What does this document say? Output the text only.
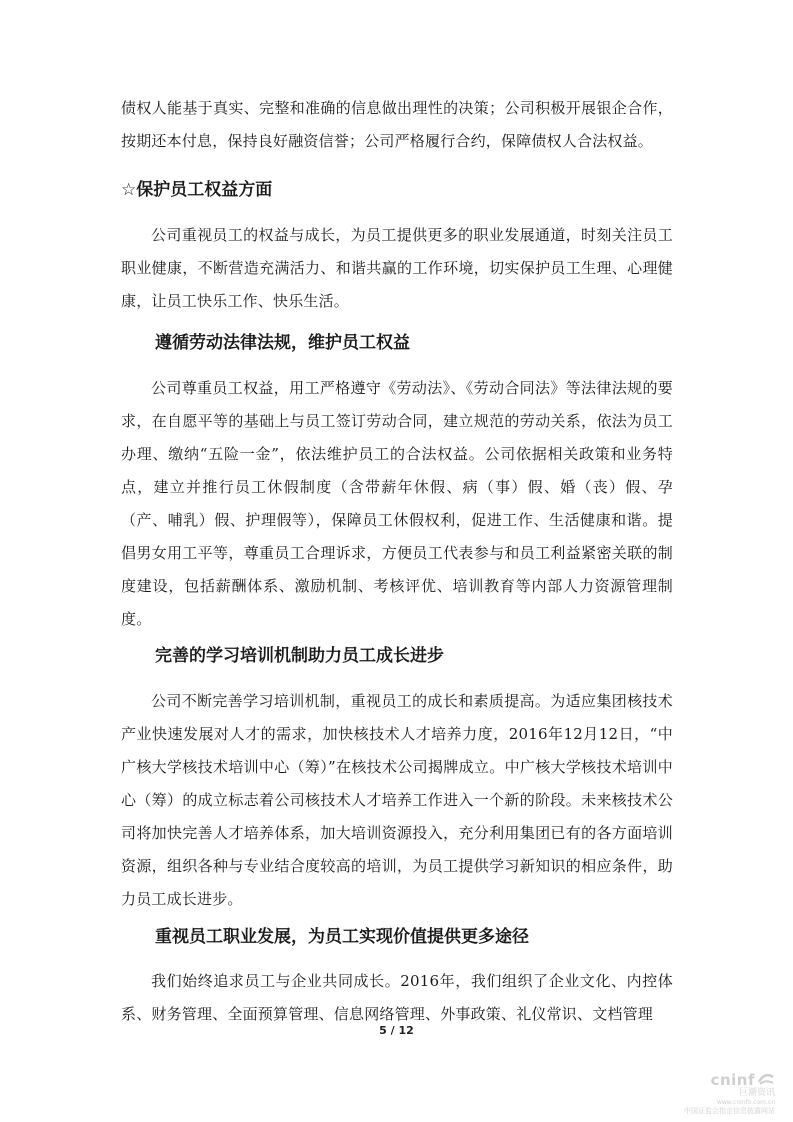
债权人能基于真实、完整和准确的信息做出理性的决策；公司积极开展银企合作，按期还本付息，保持良好融资信誉；公司严格履行合约，保障债权人合法权益。

☆保护员工权益方面

公司重视员工的权益与成长，为员工提供更多的职业发展通道，时刻关注员工职业健康，不断营造充满活力、和谐共赢的工作环境，切实保护员工生理、心理健康，让员工快乐工作、快乐生活。

遵循劳动法律法规，维护员工权益

公司尊重员工权益，用工严格遵守《劳动法》、《劳动合同法》等法律法规的要求，在自愿平等的基础上与员工签订劳动合同，建立规范的劳动关系，依法为员工办理、缴纳“五险一金”，依法维护员工的合法权益。公司依据相关政策和业务特点，建立并推行员工休假制度（含带薪年休假、病（事）假、婚（丧）假、孕（产、哺乳）假、护理假等），保障员工休假权利，促进工作、生活健康和谐。提倡男女用工平等，尊重员工合理诉求，方便员工代表参与和员工利益紧密关联的制度建设，包括薪酬体系、激励机制、考核评优、培训教育等内部人力资源管理制度。

完善的学习培训机制助力员工成长进步

公司不断完善学习培训机制，重视员工的成长和素质提高。为适应集团核技术产业快速发展对人才的需求，加快核技术人才培养力度，2016年12月12日，“中广核大学核技术培训中心（筹）”在核技术公司揭牌成立。中广核大学核技术培训中心（筹）的成立标志着公司核技术人才培养工作进入一个新的阶段。未来核技术公司将加快完善人才培养体系，加大培训资源投入，充分利用集团已有的各方面培训资源，组织各种与专业结合度较高的培训，为员工提供学习新知识的相应条件，助力员工成长进步。

重视员工职业发展，为员工实现价值提供更多途径

我们始终追求员工与企业共同成长。2016年，我们组织了企业文化、内控体系、财务管理、全面预算管理、信息网络管理、外事政策、礼仪常识、文档管理

5 / 12
cninf
巨潮资讯
www.cninfo.com.cn
中国证监会指定信息披露网站
